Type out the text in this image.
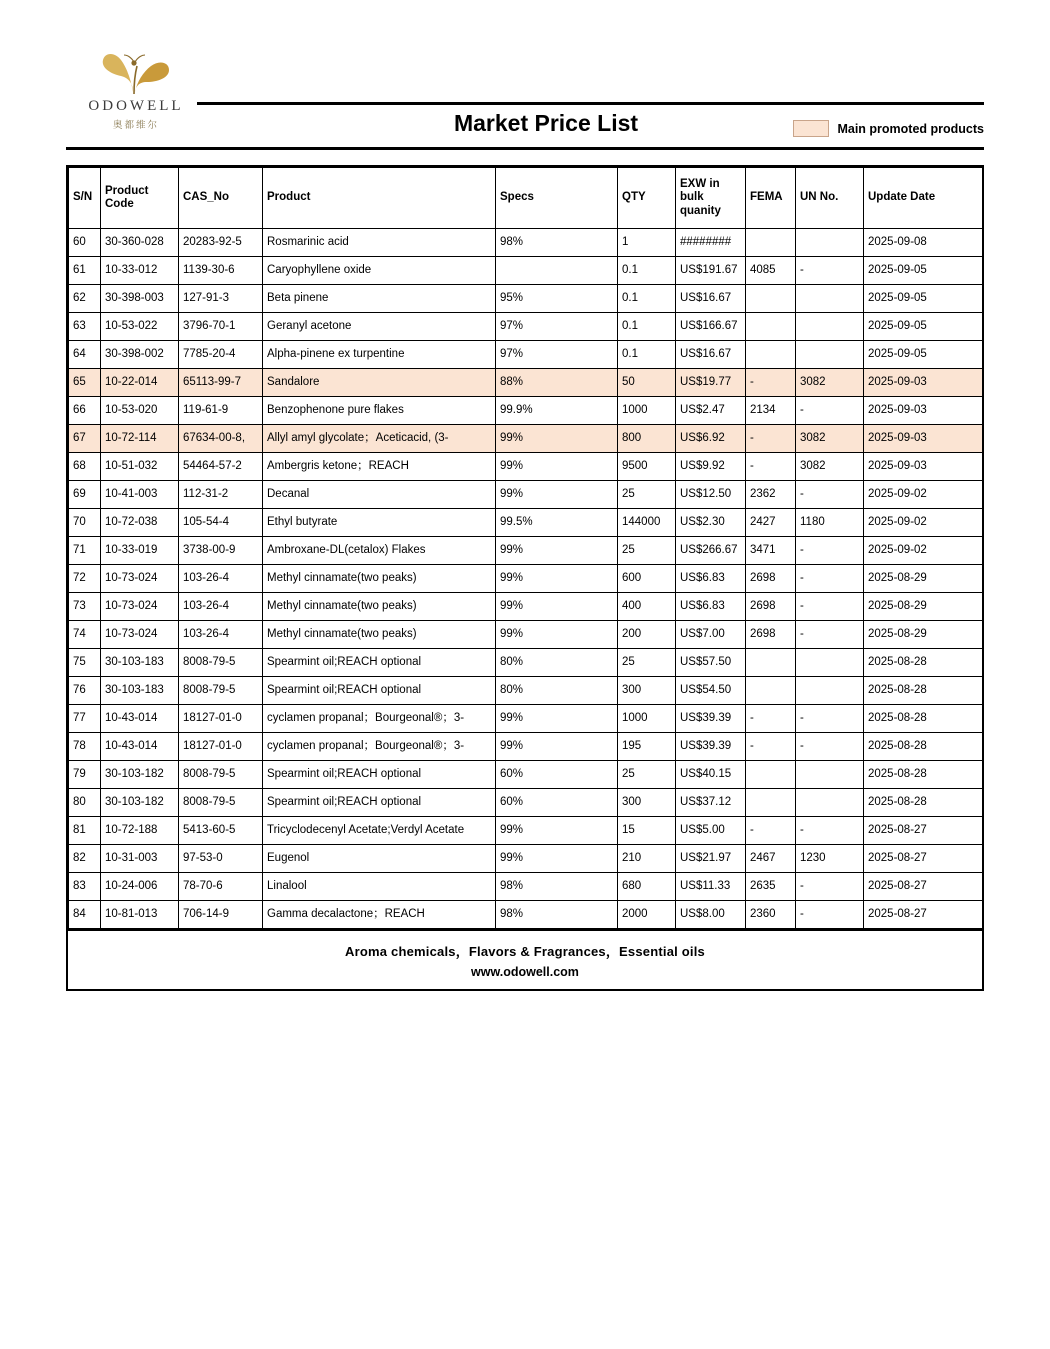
ODOWELL
奥都维尔	Market Price List	Main promoted products
S/N	Product Code	CAS_No	Product	Specs	QTY	EXW in bulk quanity	FEMA	UN No.	Update Date
60	30-360-028	20283-92-5	Rosmarinic acid	98%	1	########			2025-09-08
61	10-33-012	1139-30-6	Caryophyllene oxide		0.1	US$191.67	4085	-	2025-09-05
62	30-398-003	127-91-3	Beta pinene	95%	0.1	US$16.67			2025-09-05
63	10-53-022	3796-70-1	Geranyl acetone	97%	0.1	US$166.67			2025-09-05
64	30-398-002	7785-20-4	Alpha-pinene ex turpentine	97%	0.1	US$16.67			2025-09-05
65	10-22-014	65113-99-7	Sandalore	88%	50	US$19.77	-	3082	2025-09-03
66	10-53-020	119-61-9	Benzophenone pure flakes	99.9%	1000	US$2.47	2134	-	2025-09-03
67	10-72-114	67634-00-8,	Allyl amyl glycolate；Aceticacid, (3-	99%	800	US$6.92	-	3082	2025-09-03
68	10-51-032	54464-57-2	Ambergris ketone；REACH	99%	9500	US$9.92	-	3082	2025-09-03
69	10-41-003	112-31-2	Decanal	99%	25	US$12.50	2362	-	2025-09-02
70	10-72-038	105-54-4	Ethyl butyrate	99.5%	144000	US$2.30	2427	1180	2025-09-02
71	10-33-019	3738-00-9	Ambroxane-DL(cetalox) Flakes	99%	25	US$266.67	3471	-	2025-09-02
72	10-73-024	103-26-4	Methyl cinnamate(two peaks)	99%	600	US$6.83	2698	-	2025-08-29
73	10-73-024	103-26-4	Methyl cinnamate(two peaks)	99%	400	US$6.83	2698	-	2025-08-29
74	10-73-024	103-26-4	Methyl cinnamate(two peaks)	99%	200	US$7.00	2698	-	2025-08-29
75	30-103-183	8008-79-5	Spearmint oil;REACH optional	80%	25	US$57.50			2025-08-28
76	30-103-183	8008-79-5	Spearmint oil;REACH optional	80%	300	US$54.50			2025-08-28
77	10-43-014	18127-01-0	cyclamen propanal；Bourgeonal®；3-	99%	1000	US$39.39	-	-	2025-08-28
78	10-43-014	18127-01-0	cyclamen propanal；Bourgeonal®；3-	99%	195	US$39.39	-	-	2025-08-28
79	30-103-182	8008-79-5	Spearmint oil;REACH optional	60%	25	US$40.15			2025-08-28
80	30-103-182	8008-79-5	Spearmint oil;REACH optional	60%	300	US$37.12			2025-08-28
81	10-72-188	5413-60-5	Tricyclodecenyl Acetate;Verdyl Acetate	99%	15	US$5.00	-	-	2025-08-27
82	10-31-003	97-53-0	Eugenol	99%	210	US$21.97	2467	1230	2025-08-27
83	10-24-006	78-70-6	Linalool	98%	680	US$11.33	2635	-	2025-08-27
84	10-81-013	706-14-9	Gamma decalactone；REACH	98%	2000	US$8.00	2360	-	2025-08-27
Aroma chemicals，Flavors & Fragrances，Essential oils
www.odowell.com
